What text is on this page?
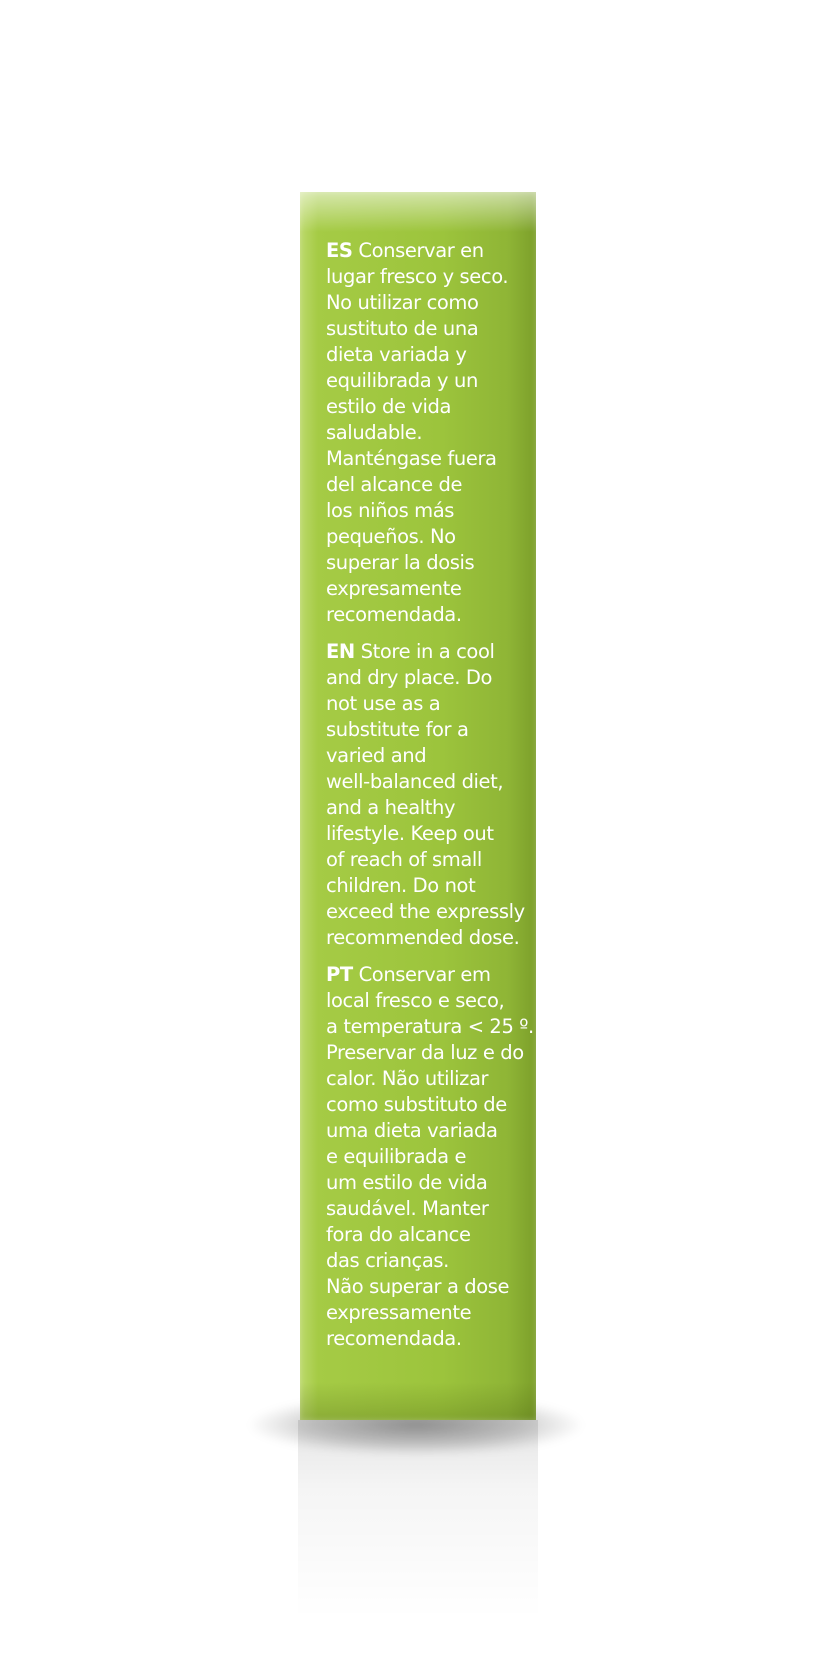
ES Conservar en
lugar fresco y seco.
No utilizar como
sustituto de una
dieta variada y
equilibrada y un
estilo de vida
saludable.
Manténgase fuera
del alcance de
los niños más
pequeños. No
superar la dosis
expresamente
recomendada.

EN Store in a cool
and dry place. Do
not use as a
substitute for a
varied and
well-balanced diet,
and a healthy
lifestyle. Keep out
of reach of small
children. Do not
exceed the expressly
recommended dose.

PT Conservar em
local fresco e seco,
a temperatura < 25 º.
Preservar da luz e do
calor. Não utilizar
como substituto de
uma dieta variada
e equilibrada e
um estilo de vida
saudável. Manter
fora do alcance
das crianças.
Não superar a dose
expressamente
recomendada.
